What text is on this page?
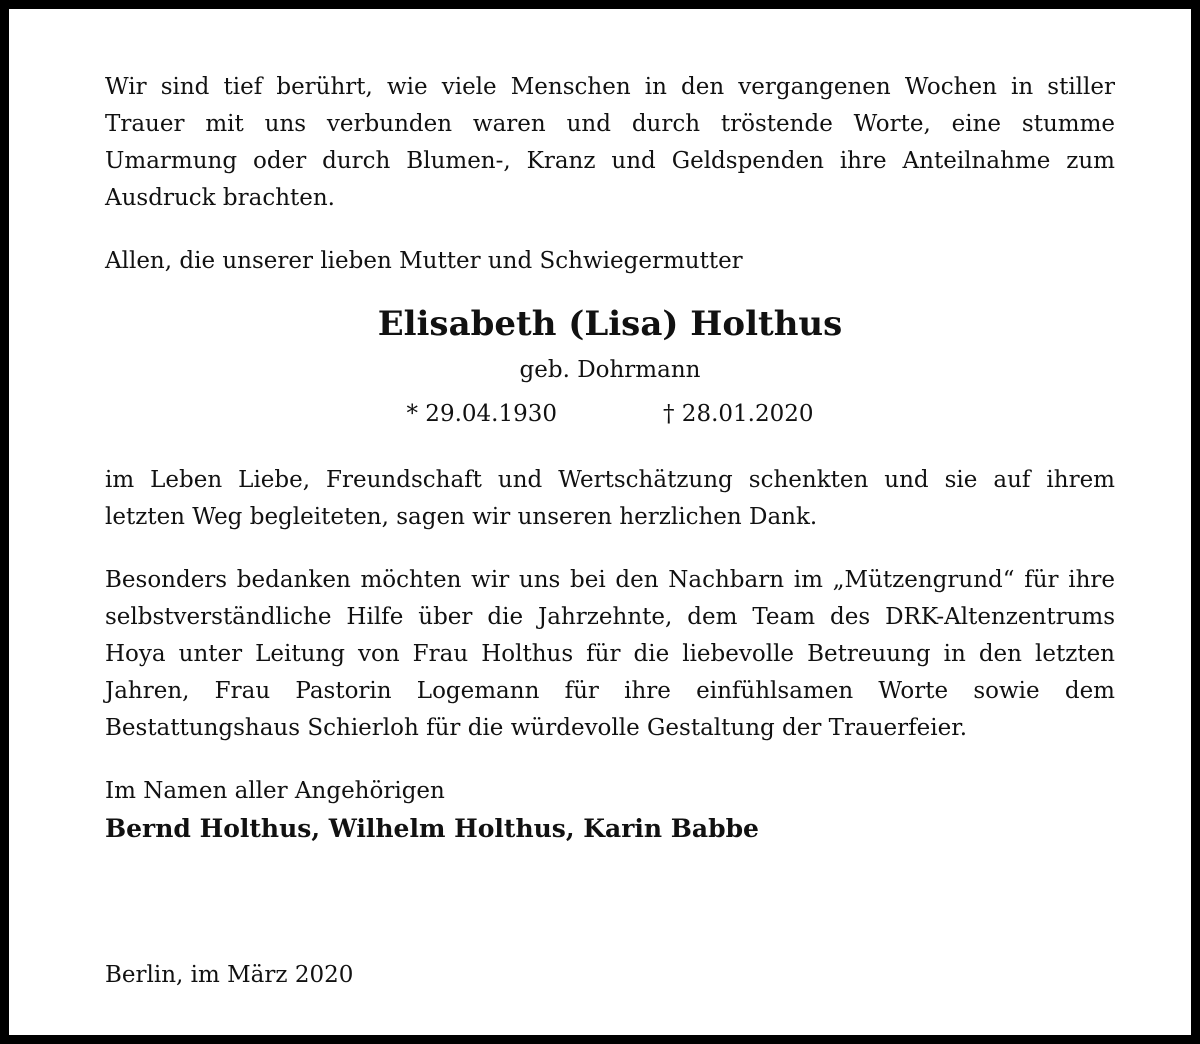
Wir sind tief berührt, wie viele Menschen in den vergangenen Wochen in stiller Trauer mit uns verbunden waren und durch tröstende Worte, eine stumme Umarmung oder durch Blumen-, Kranz und Geldspenden ihre Anteilnahme zum Ausdruck brachten.

Allen, die unserer lieben Mutter und Schwiegermutter

Elisabeth (Lisa) Holthus
geb. Dohrmann
* 29.04.1930	† 28.01.2020

im Leben Liebe, Freundschaft und Wertschätzung schenkten und sie auf ihrem letzten Weg begleiteten, sagen wir unseren herzlichen Dank.

Besonders bedanken möchten wir uns bei den Nachbarn im „Mützengrund“ für ihre selbstverständliche Hilfe über die Jahrzehnte, dem Team des DRK-Altenzentrums Hoya unter Leitung von Frau Holthus für die liebevolle Betreuung in den letzten Jahren, Frau Pastorin Logemann für ihre einfühlsamen Worte sowie dem Bestattungshaus Schierloh für die würdevolle Gestaltung der Trauerfeier.

Im Namen aller Angehörigen
Bernd Holthus, Wilhelm Holthus, Karin Babbe
Berlin, im März 2020
